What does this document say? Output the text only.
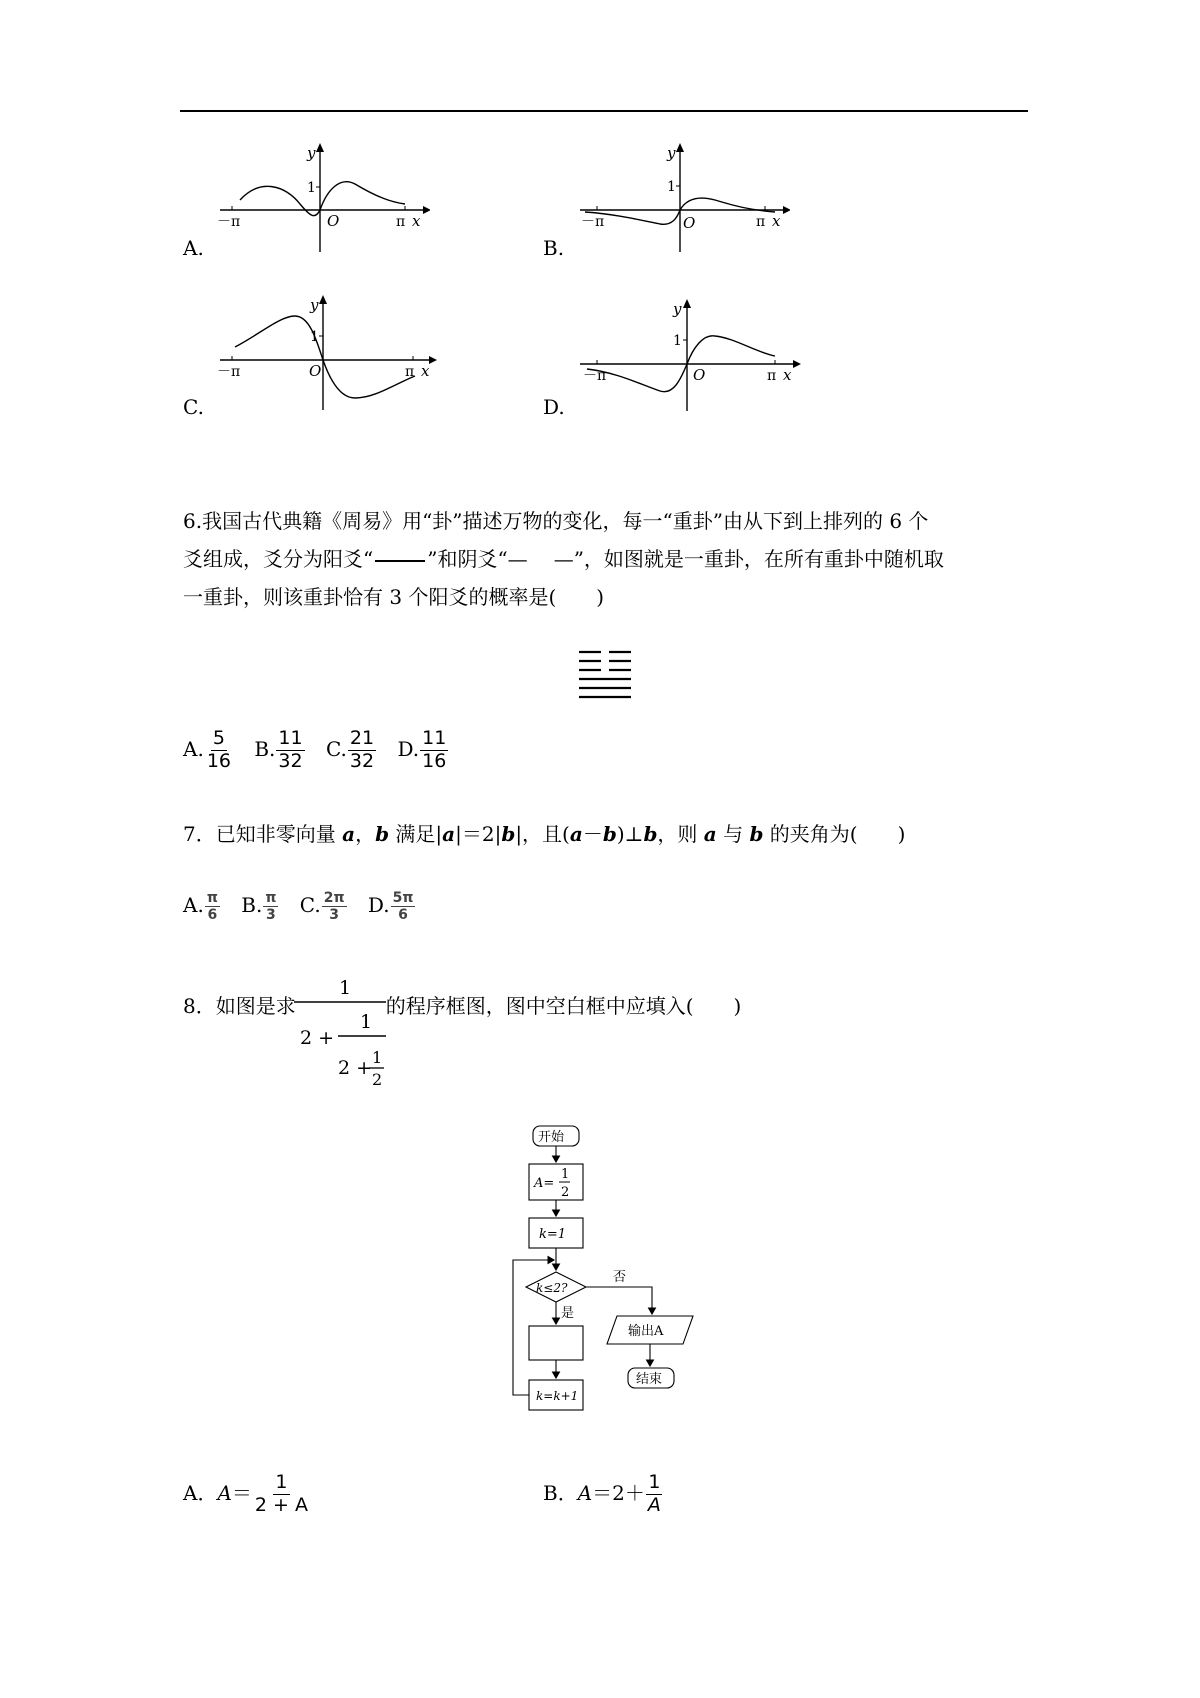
y
1
－π	O	π x
A.
y
1
－π	O	π x
B.
y
1
－π	O	π x
C.
y
1
－π	O	π x
D.
6.我国古代典籍《周易》用“卦”描述万物的变化，每一“重卦”由从下到上排列的 6 个
爻组成，爻分为阳爻“	”和阴爻“— —”，如图就是一重卦，在所有重卦中随机取
一重卦，则该重卦恰有 3 个阳爻的概率是(　　)
A. $\frac{5}{16} B$. $\frac{11}{32} C$. $\frac{21}{32} D$. $\frac{11}{16}$
7．已知非零向量 a，b 满足|a|＝2|b|，且(a－b)⊥b，则 a 与 b 的夹角为(　　)
A. $\frac{\pi}{6} B$. $\frac{\pi}{3} C$. $\frac{2\pi}{3} D$. $\frac{5\pi}{6}$
8．如图是求	的程序框图，图中空白框中应填入(　　)
1
2 +
1
2 + 1
2
开始
A=
1
2
k=1
k≤2?
否
是
输出A
k=k+1
结束
A．$A= \frac{1}{2 + A}$	B．$A=2+ \frac{1}{A}$
